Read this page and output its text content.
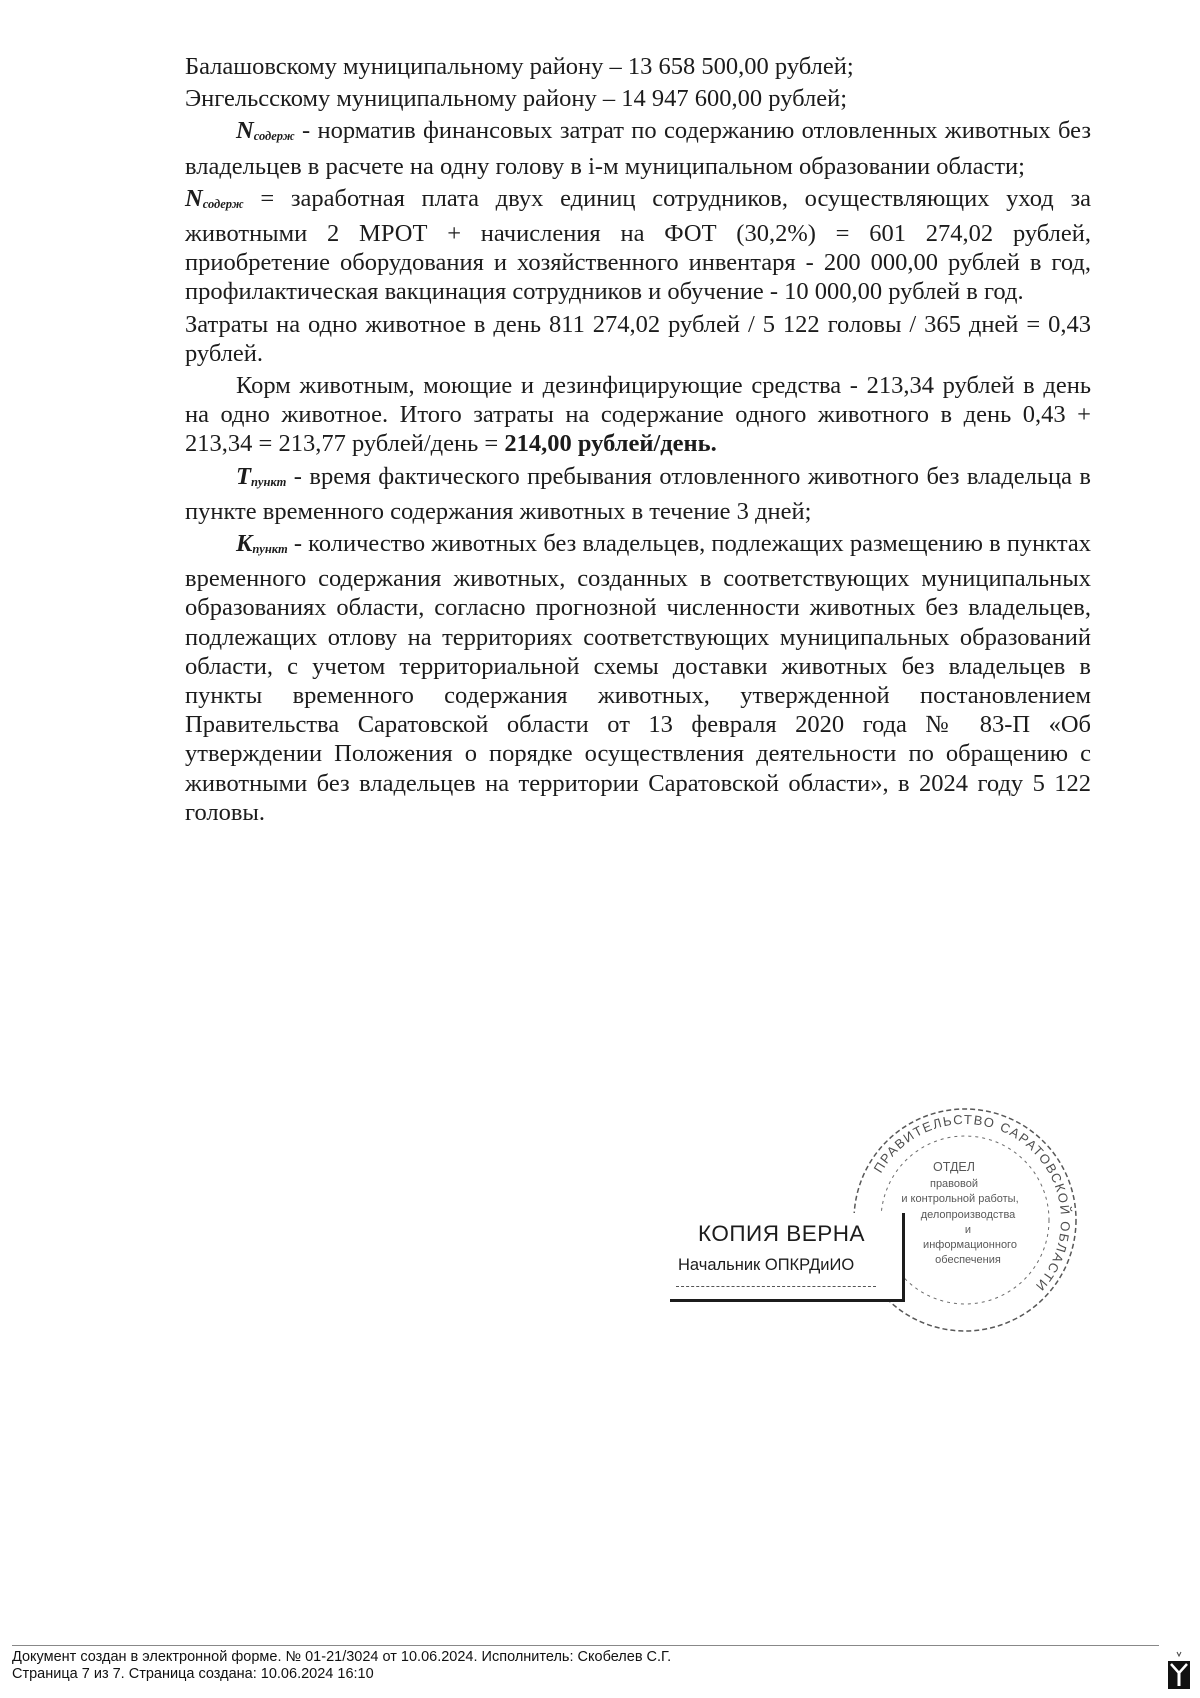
Балашовскому муниципальному району – 13 658 500,00 рублей;

Энгельсскому муниципальному району – 14 947 600,00 рублей;

$N_{содерж}$ - норматив финансовых затрат по содержанию отловленных животных без владельцев в расчете на одну голову в i-м муниципальном образовании области;

$N_{содерж}$ = заработная плата двух единиц сотрудников, осуществляющих уход за животными 2 МРОТ + начисления на ФОТ (30,2%) = 601 274,02 рублей, приобретение оборудования и хозяйственного инвентаря - 200 000,00 рублей в год, профилактическая вакцинация сотрудников и обучение - 10 000,00 рублей в год.

Затраты на одно животное в день 811 274,02 рублей / 5 122 головы / 365 дней = 0,43 рублей.

Корм животным, моющие и дезинфицирующие средства - 213,34 рублей в день на одно животное. Итого затраты на содержание одного животного в день 0,43 + 213,34 = 213,77 рублей/день = 214,00 рублей/день.

$T_{пункт}$ - время фактического пребывания отловленного животного без владельца в пункте временного содержания животных в течение 3 дней;

$K_{пункт}$ - количество животных без владельцев, подлежащих размещению в пунктах временного содержания животных, созданных в соответствующих муниципальных образованиях области, согласно прогнозной численности животных без владельцев, подлежащих отлову на территориях соответствующих муниципальных образований области, с учетом территориальной схемы доставки животных без владельцев в пункты временного содержания животных, утвержденной постановлением Правительства Саратовской области от 13 февраля 2020 года № 83-П «Об утверждении Положения о порядке осуществления деятельности по обращению с животными без владельцев на территории Саратовской области», в 2024 году 5 122 головы.

КОПИЯ ВЕРНА
Начальник ОПКРДиИО
ПРАВИТЕЛЬСТВО САРАТОВСКОЙ ОБЛАСТИ
ОТДЕЛ
правовой
и контрольной работы,
делопроизводства
и
информационного
обеспечения
Документ создан в электронной форме. № 01-21/3024 от 10.06.2024. Исполнитель: Скобелев С.Г.
Страница 7 из 7. Страница создана: 10.06.2024 16:10
